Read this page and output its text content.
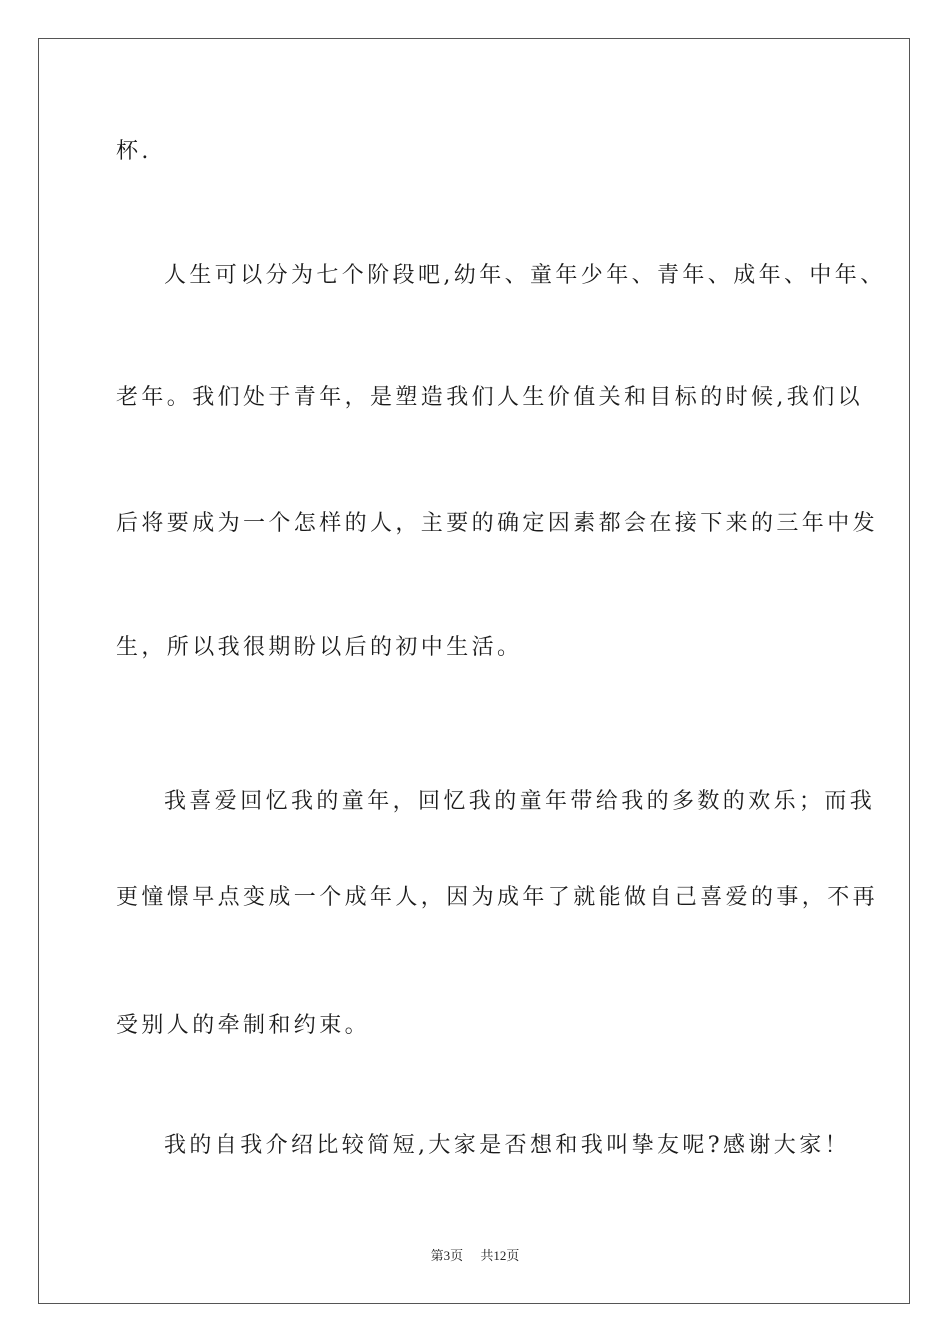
杯.
人生可以分为七个阶段吧,幼年、童年少年、青年、成年、中年、
老年。我们处于青年，是塑造我们人生价值关和目标的时候,我们以
后将要成为一个怎样的人，主要的确定因素都会在接下来的三年中发
生，所以我很期盼以后的初中生活。
我喜爱回忆我的童年，回忆我的童年带给我的多数的欢乐；而我
更憧憬早点变成一个成年人，因为成年了就能做自己喜爱的事，不再
受别人的牵制和约束。
我的自我介绍比较简短,大家是否想和我叫挚友呢?感谢大家！
第3页 共12页
